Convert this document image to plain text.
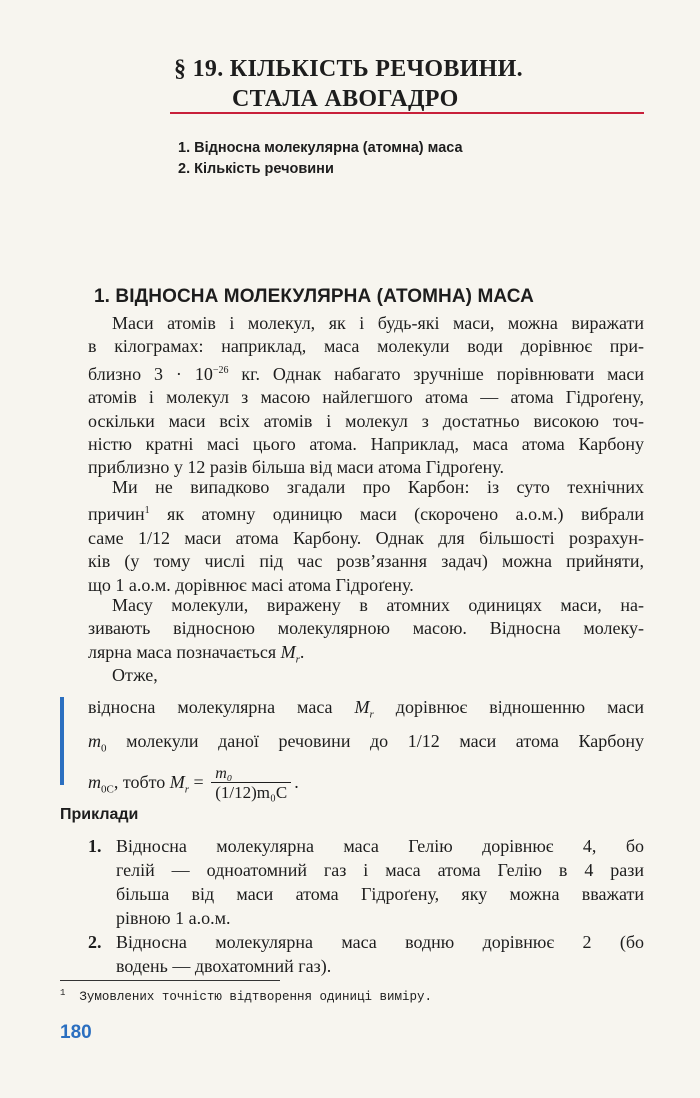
§ 19. КІЛЬКІСТЬ РЕЧОВИНИ.
СТАЛА АВОГАДРО
1. Відносна молекулярна (атомна) маса
2. Кількість речовини
1. ВІДНОСНА МОЛЕКУЛЯРНА (АТОМНА) МАСА
Маси атомів і молекул, як і будь-які маси, можна виражати
в кілограмах: наприклад, маса молекули води дорівнює при-
близно $3 \cdot 10^{-26}$ кг. Однак набагато зручніше порівнювати маси
атомів і молекул з масою найлегшого атома — атома Гідроґену,
оскільки маси всіх атомів і молекул з достатньо високою точ-
ністю кратні масі цього атома. Наприклад, маса атома Карбону
приблизно у 12 разів більша від маси атома Гідроґену.
Ми не випадково згадали про Карбон: із суто технічних
причин$^1$ як атомну одиницю маси (скорочено а.о.м.) вибрали
саме 1/12 маси атома Карбону. Однак для більшості розрахун-
ків (у тому числі під час розв’язання задач) можна прийняти,
що 1 а.о.м. дорівнює масі атома Гідроґену.
Масу молекули, виражену в атомних одиницях маси, на-
зивають відносною молекулярною масою. Відносна молеку-
лярна маса позначається $M_r$.
Отже,
відносна молекулярна маса $M_r$ дорівнює відношенню маси
$m_0$ молекули даної речовини до 1/12 маси атома Карбону
$m_{0C}$, тобто $M_r = \frac{\text{m₀}}{\text{(1/12)m₀C}}$ .
Приклади
1. Відносна молекулярна маса Гелію дорівнює 4, бо
гелій — одноатомний газ і маса атома Гелію в 4 рази
більша від маси атома Гідроґену, яку можна вважати
рівною 1 а.о.м.
2. Відносна молекулярна маса водню дорівнює 2 (бо
водень — двохатомний газ).
$^1$ Зумовлених точністю відтворення одиниці виміру.
180
